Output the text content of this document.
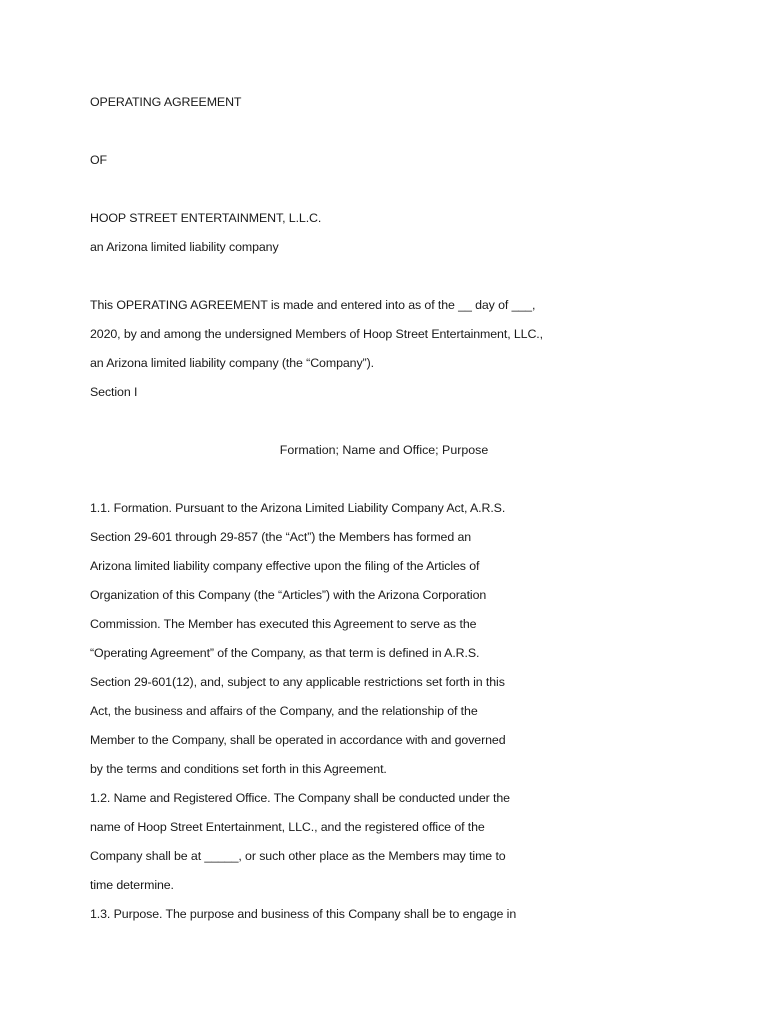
OPERATING AGREEMENT
OF
HOOP STREET ENTERTAINMENT, L.L.C.
an Arizona limited liability company
This OPERATING AGREEMENT is made and entered into as of the __ day of ___,
2020, by and among the undersigned Members of Hoop Street Entertainment, LLC.,
an Arizona limited liability company (the “Company”).
Section I
Formation; Name and Office; Purpose
1.1. Formation. Pursuant to the Arizona Limited Liability Company Act, A.R.S.
Section 29-601 through 29-857 (the “Act”) the Members has formed an
Arizona limited liability company effective upon the filing of the Articles of
Organization of this Company (the “Articles”) with the Arizona Corporation
Commission. The Member has executed this Agreement to serve as the
“Operating Agreement” of the Company, as that term is defined in A.R.S.
Section 29-601(12), and, subject to any applicable restrictions set forth in this
Act, the business and affairs of the Company, and the relationship of the
Member to the Company, shall be operated in accordance with and governed
by the terms and conditions set forth in this Agreement.
1.2. Name and Registered Office. The Company shall be conducted under the
name of Hoop Street Entertainment, LLC., and the registered office of the
Company shall be at _____, or such other place as the Members may time to
time determine.
1.3. Purpose. The purpose and business of this Company shall be to engage in
